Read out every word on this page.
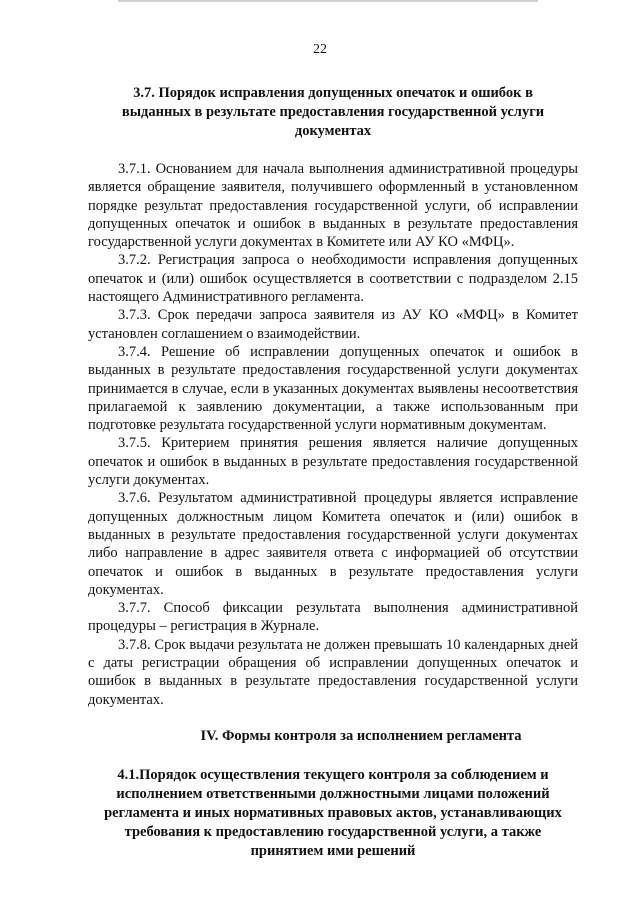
22

3.7. Порядок исправления допущенных опечаток и ошибок в выданных в результате предоставления государственной услуги документах

3.7.1. Основанием для начала выполнения административной процедуры является обращение заявителя, получившего оформленный в установленном порядке результат предоставления государственной услуги, об исправлении допущенных опечаток и ошибок в выданных в результате предоставления государственной услуги документах в Комитете или АУ КО «МФЦ».

3.7.2. Регистрация запроса о необходимости исправления допущенных опечаток и (или) ошибок осуществляется в соответствии с подразделом 2.15 настоящего Административного регламента.

3.7.3. Срок передачи запроса заявителя из АУ КО «МФЦ» в Комитет установлен соглашением о взаимодействии.

3.7.4. Решение об исправлении допущенных опечаток и ошибок в выданных в результате предоставления государственной услуги документах принимается в случае, если в указанных документах выявлены несоответствия прилагаемой к заявлению документации, а также использованным при подготовке результата государственной услуги нормативным документам.

3.7.5. Критерием принятия решения является наличие допущенных опечаток и ошибок в выданных в результате предоставления государственной услуги документах.

3.7.6. Результатом административной процедуры является исправление допущенных должностным лицом Комитета опечаток и (или) ошибок в выданных в результате предоставления государственной услуги документах либо направление в адрес заявителя ответа с информацией об отсутствии опечаток и ошибок в выданных в результате предоставления услуги документах.

3.7.7. Способ фиксации результата выполнения административной процедуры – регистрация в Журнале.

3.7.8. Срок выдачи результата не должен превышать 10 календарных дней с даты регистрации обращения об исправлении допущенных опечаток и ошибок в выданных в результате предоставления государственной услуги документах.

IV. Формы контроля за исполнением регламента

4.1.Порядок осуществления текущего контроля за соблюдением и исполнением ответственными должностными лицами положений регламента и иных нормативных правовых актов, устанавливающих требования к предоставлению государственной услуги, а также принятием ими решений
